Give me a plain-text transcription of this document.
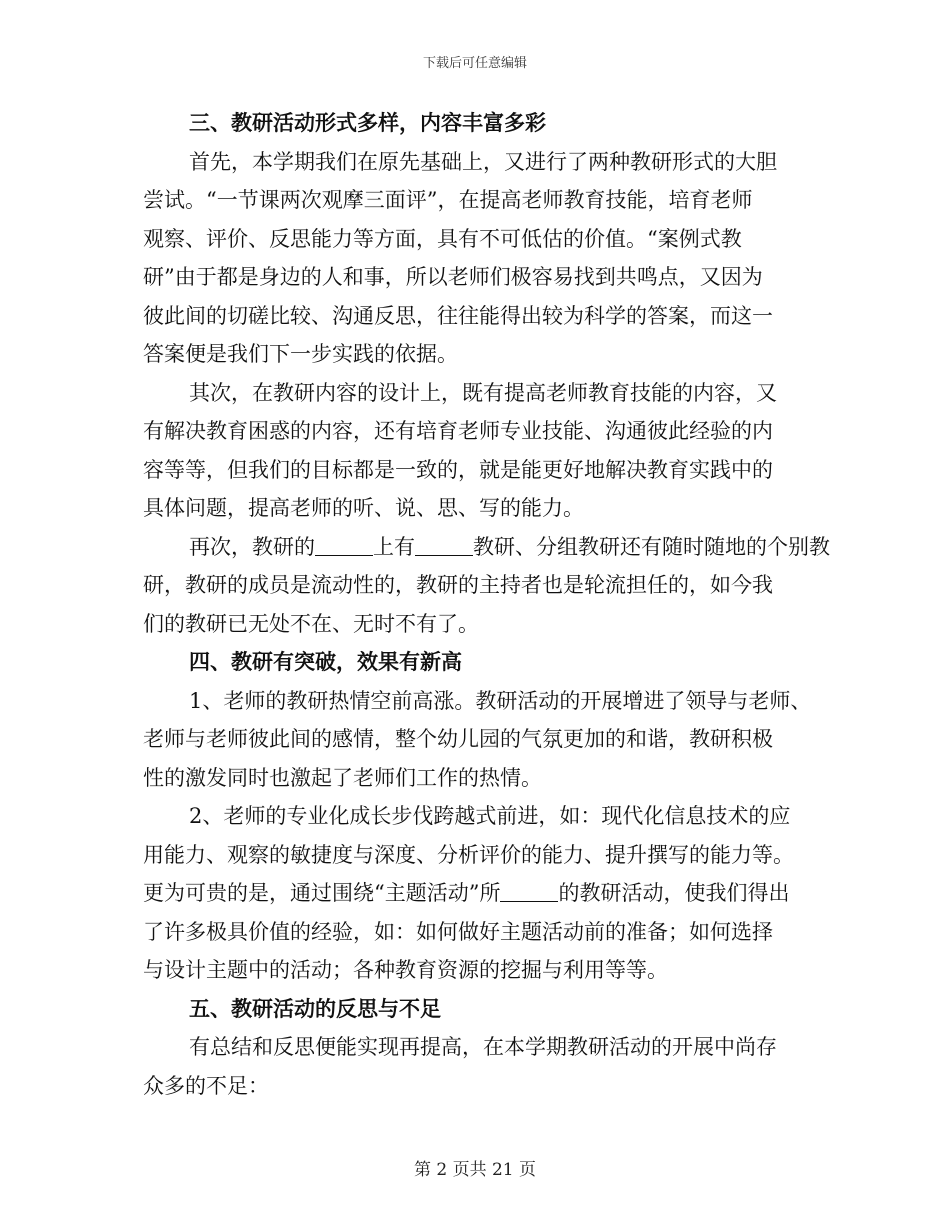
下载后可任意编辑
三、教研活动形式多样，内容丰富多彩
首先，本学期我们在原先基础上，又进行了两种教研形式的大胆
尝试。“一节课两次观摩三面评”，在提高老师教育技能，培育老师
观察、评价、反思能力等方面，具有不可低估的价值。“案例式教
研”由于都是身边的人和事，所以老师们极容易找到共鸣点，又因为
彼此间的切磋比较、沟通反思，往往能得出较为科学的答案，而这一
答案便是我们下一步实践的依据。
其次，在教研内容的设计上，既有提高老师教育技能的内容，又
有解决教育困惑的内容，还有培育老师专业技能、沟通彼此经验的内
容等等，但我们的目标都是一致的，就是能更好地解决教育实践中的
具体问题，提高老师的听、说、思、写的能力。
再次，教研的	上有	教研、分组教研还有随时随地的个别教
研，教研的成员是流动性的，教研的主持者也是轮流担任的，如今我
们的教研已无处不在、无时不有了。
四、教研有突破，效果有新高
1、老师的教研热情空前高涨。教研活动的开展增进了领导与老师、
老师与老师彼此间的感情，整个幼儿园的气氛更加的和谐，教研积极
性的激发同时也激起了老师们工作的热情。
2、老师的专业化成长步伐跨越式前进，如：现代化信息技术的应
用能力、观察的敏捷度与深度、分析评价的能力、提升撰写的能力等。
更为可贵的是，通过围绕“主题活动”所	的教研活动，使我们得出
了许多极具价值的经验，如：如何做好主题活动前的准备；如何选择
与设计主题中的活动；各种教育资源的挖掘与利用等等。
五、教研活动的反思与不足
有总结和反思便能实现再提高，在本学期教研活动的开展中尚存
众多的不足：
第 2 页共 21 页
